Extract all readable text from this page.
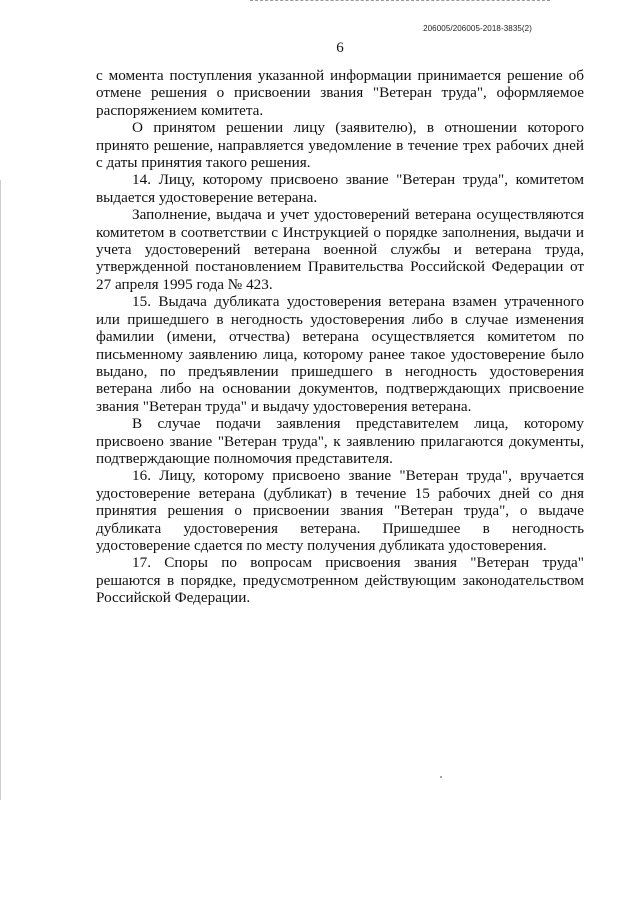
206005/206005-2018-3835(2)
6

с момента поступления указанной информации принимается решение об отмене решения о присвоении звания "Ветеран труда", оформляемое распоряжением комитета.

О принятом решении лицу (заявителю), в отношении которого принято решение, направляется уведомление в течение трех рабочих дней с даты принятия такого решения.

14. Лицу, которому присвоено звание "Ветеран труда", комитетом выдается удостоверение ветерана.

Заполнение, выдача и учет удостоверений ветерана осуществляются комитетом в соответствии с Инструкцией о порядке заполнения, выдачи и учета удостоверений ветерана военной службы и ветерана труда, утвержденной постановлением Правительства Российской Федерации от 27 апреля 1995 года № 423.

15. Выдача дубликата удостоверения ветерана взамен утраченного или пришедшего в негодность удостоверения либо в случае изменения фамилии (имени, отчества) ветерана осуществляется комитетом по письменному заявлению лица, которому ранее такое удостоверение было выдано, по предъявлении пришедшего в негодность удостоверения ветерана либо на основании документов, подтверждающих присвоение звания "Ветеран труда" и выдачу удостоверения ветерана.

В случае подачи заявления представителем лица, которому присвоено звание "Ветеран труда", к заявлению прилагаются документы, подтверждающие полномочия представителя.

16. Лицу, которому присвоено звание "Ветеран труда", вручается удостоверение ветерана (дубликат) в течение 15 рабочих дней со дня принятия решения о присвоении звания "Ветеран труда", о выдаче дубликата удостоверения ветерана. Пришедшее в негодность удостоверение сдается по месту получения дубликата удостоверения.

17. Споры по вопросам присвоения звания "Ветеран труда" решаются в порядке, предусмотренном действующим законодательством Российской Федерации.
